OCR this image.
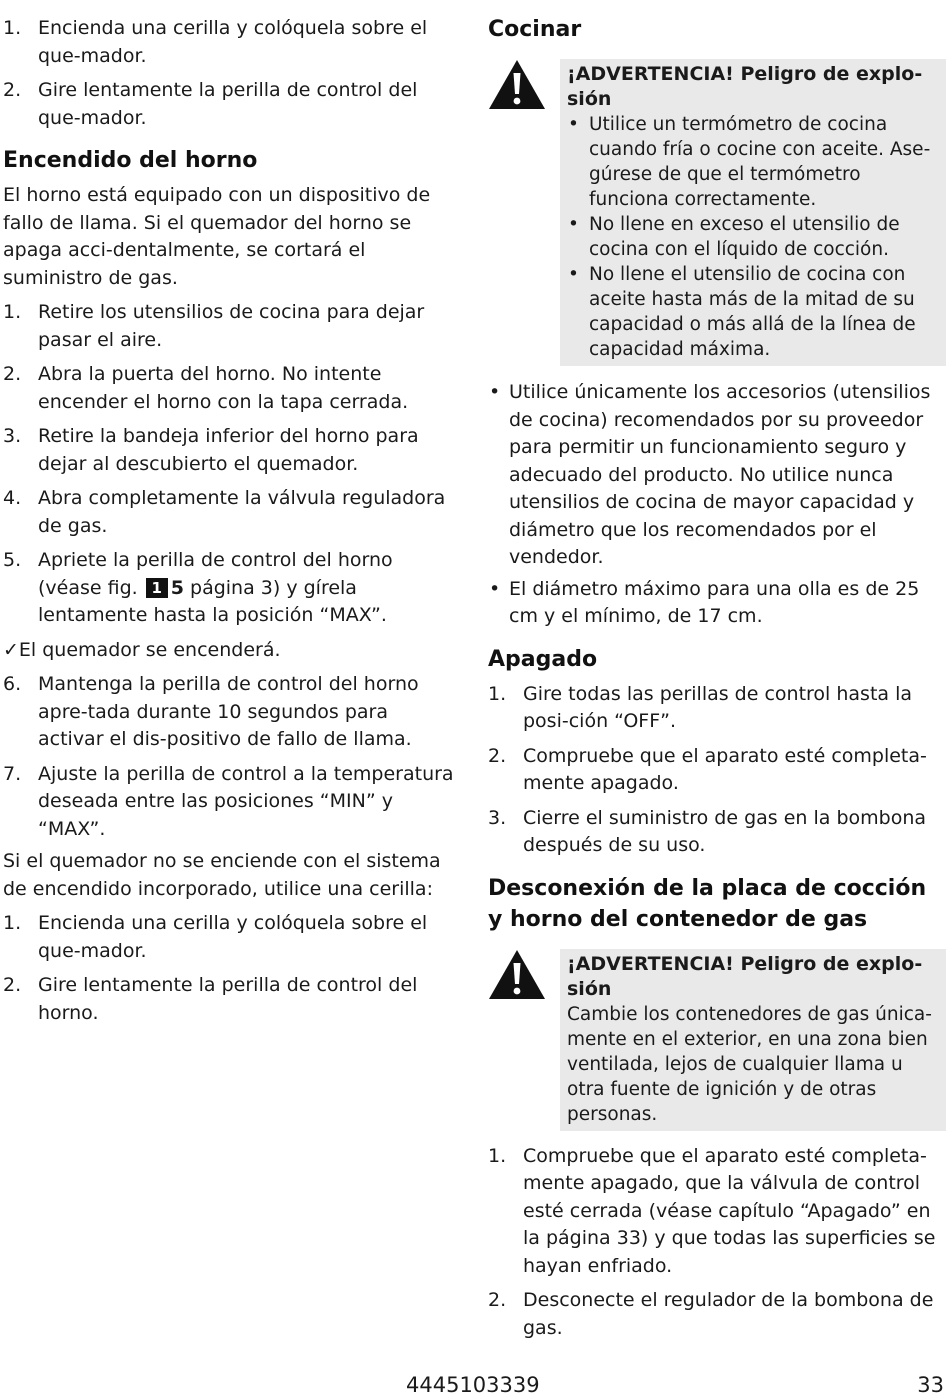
1. Encienda una cerilla y colóquela sobre el que-mador.
2. Gire lentamente la perilla de control del que-mador.
Encendido del horno

El horno está equipado con un dispositivo de fallo de llama. Si el quemador del horno se apaga acci-dentalmente, se cortará el suministro de gas.

1. Retire los utensilios de cocina para dejar pasar el aire.
2. Abra la puerta del horno. No intente encender el horno con la tapa cerrada.
3. Retire la bandeja inferior del horno para dejar al descubierto el quemador.
4. Abra completamente la válvula reguladora de gas.
5. Apriete la perilla de control del horno (véase fig. 1 5 página 3) y gírela lentamente hasta la posición “MAX”.

✓El quemador se encenderá.

6. Mantenga la perilla de control del horno apre-tada durante 10 segundos para activar el dis-positivo de fallo de llama.
7. Ajuste la perilla de control a la temperatura deseada entre las posiciones “MIN” y “MAX”.

Si el quemador no se enciende con el sistema de encendido incorporado, utilice una cerilla:

1. Encienda una cerilla y colóquela sobre el que-mador.
2. Gire lentamente la perilla de control del horno.
Cocinar
¡ADVERTENCIA! Peligro de explo-sión
• Utilice un termómetro de cocina cuando fría o cocine con aceite. Ase-gúrese de que el termómetro funciona correctamente.
• No llene en exceso el utensilio de cocina con el líquido de cocción.
• No llene el utensilio de cocina con aceite hasta más de la mitad de su capacidad o más allá de la línea de capacidad máxima.
• Utilice únicamente los accesorios (utensilios de cocina) recomendados por su proveedor para permitir un funcionamiento seguro y adecuado del producto. No utilice nunca utensilios de cocina de mayor capacidad y diámetro que los recomendados por el vendedor.
• El diámetro máximo para una olla es de 25 cm y el mínimo, de 17 cm.
Apagado
1. Gire todas las perillas de control hasta la posi-ción “OFF”.
2. Compruebe que el aparato esté completa-mente apagado.
3. Cierre el suministro de gas en la bombona después de su uso.
Desconexión de la placa de cocción y horno del contenedor de gas
¡ADVERTENCIA! Peligro de explo-sión
Cambie los contenedores de gas única-mente en el exterior, en una zona bien ventilada, lejos de cualquier llama u otra fuente de ignición y de otras personas.
1. Compruebe que el aparato esté completa-mente apagado, que la válvula de control esté cerrada (véase capítulo “Apagado” en la página 33) y que todas las superficies se hayan enfriado.
2. Desconecte el regulador de la bombona de gas.
4445103339	33
